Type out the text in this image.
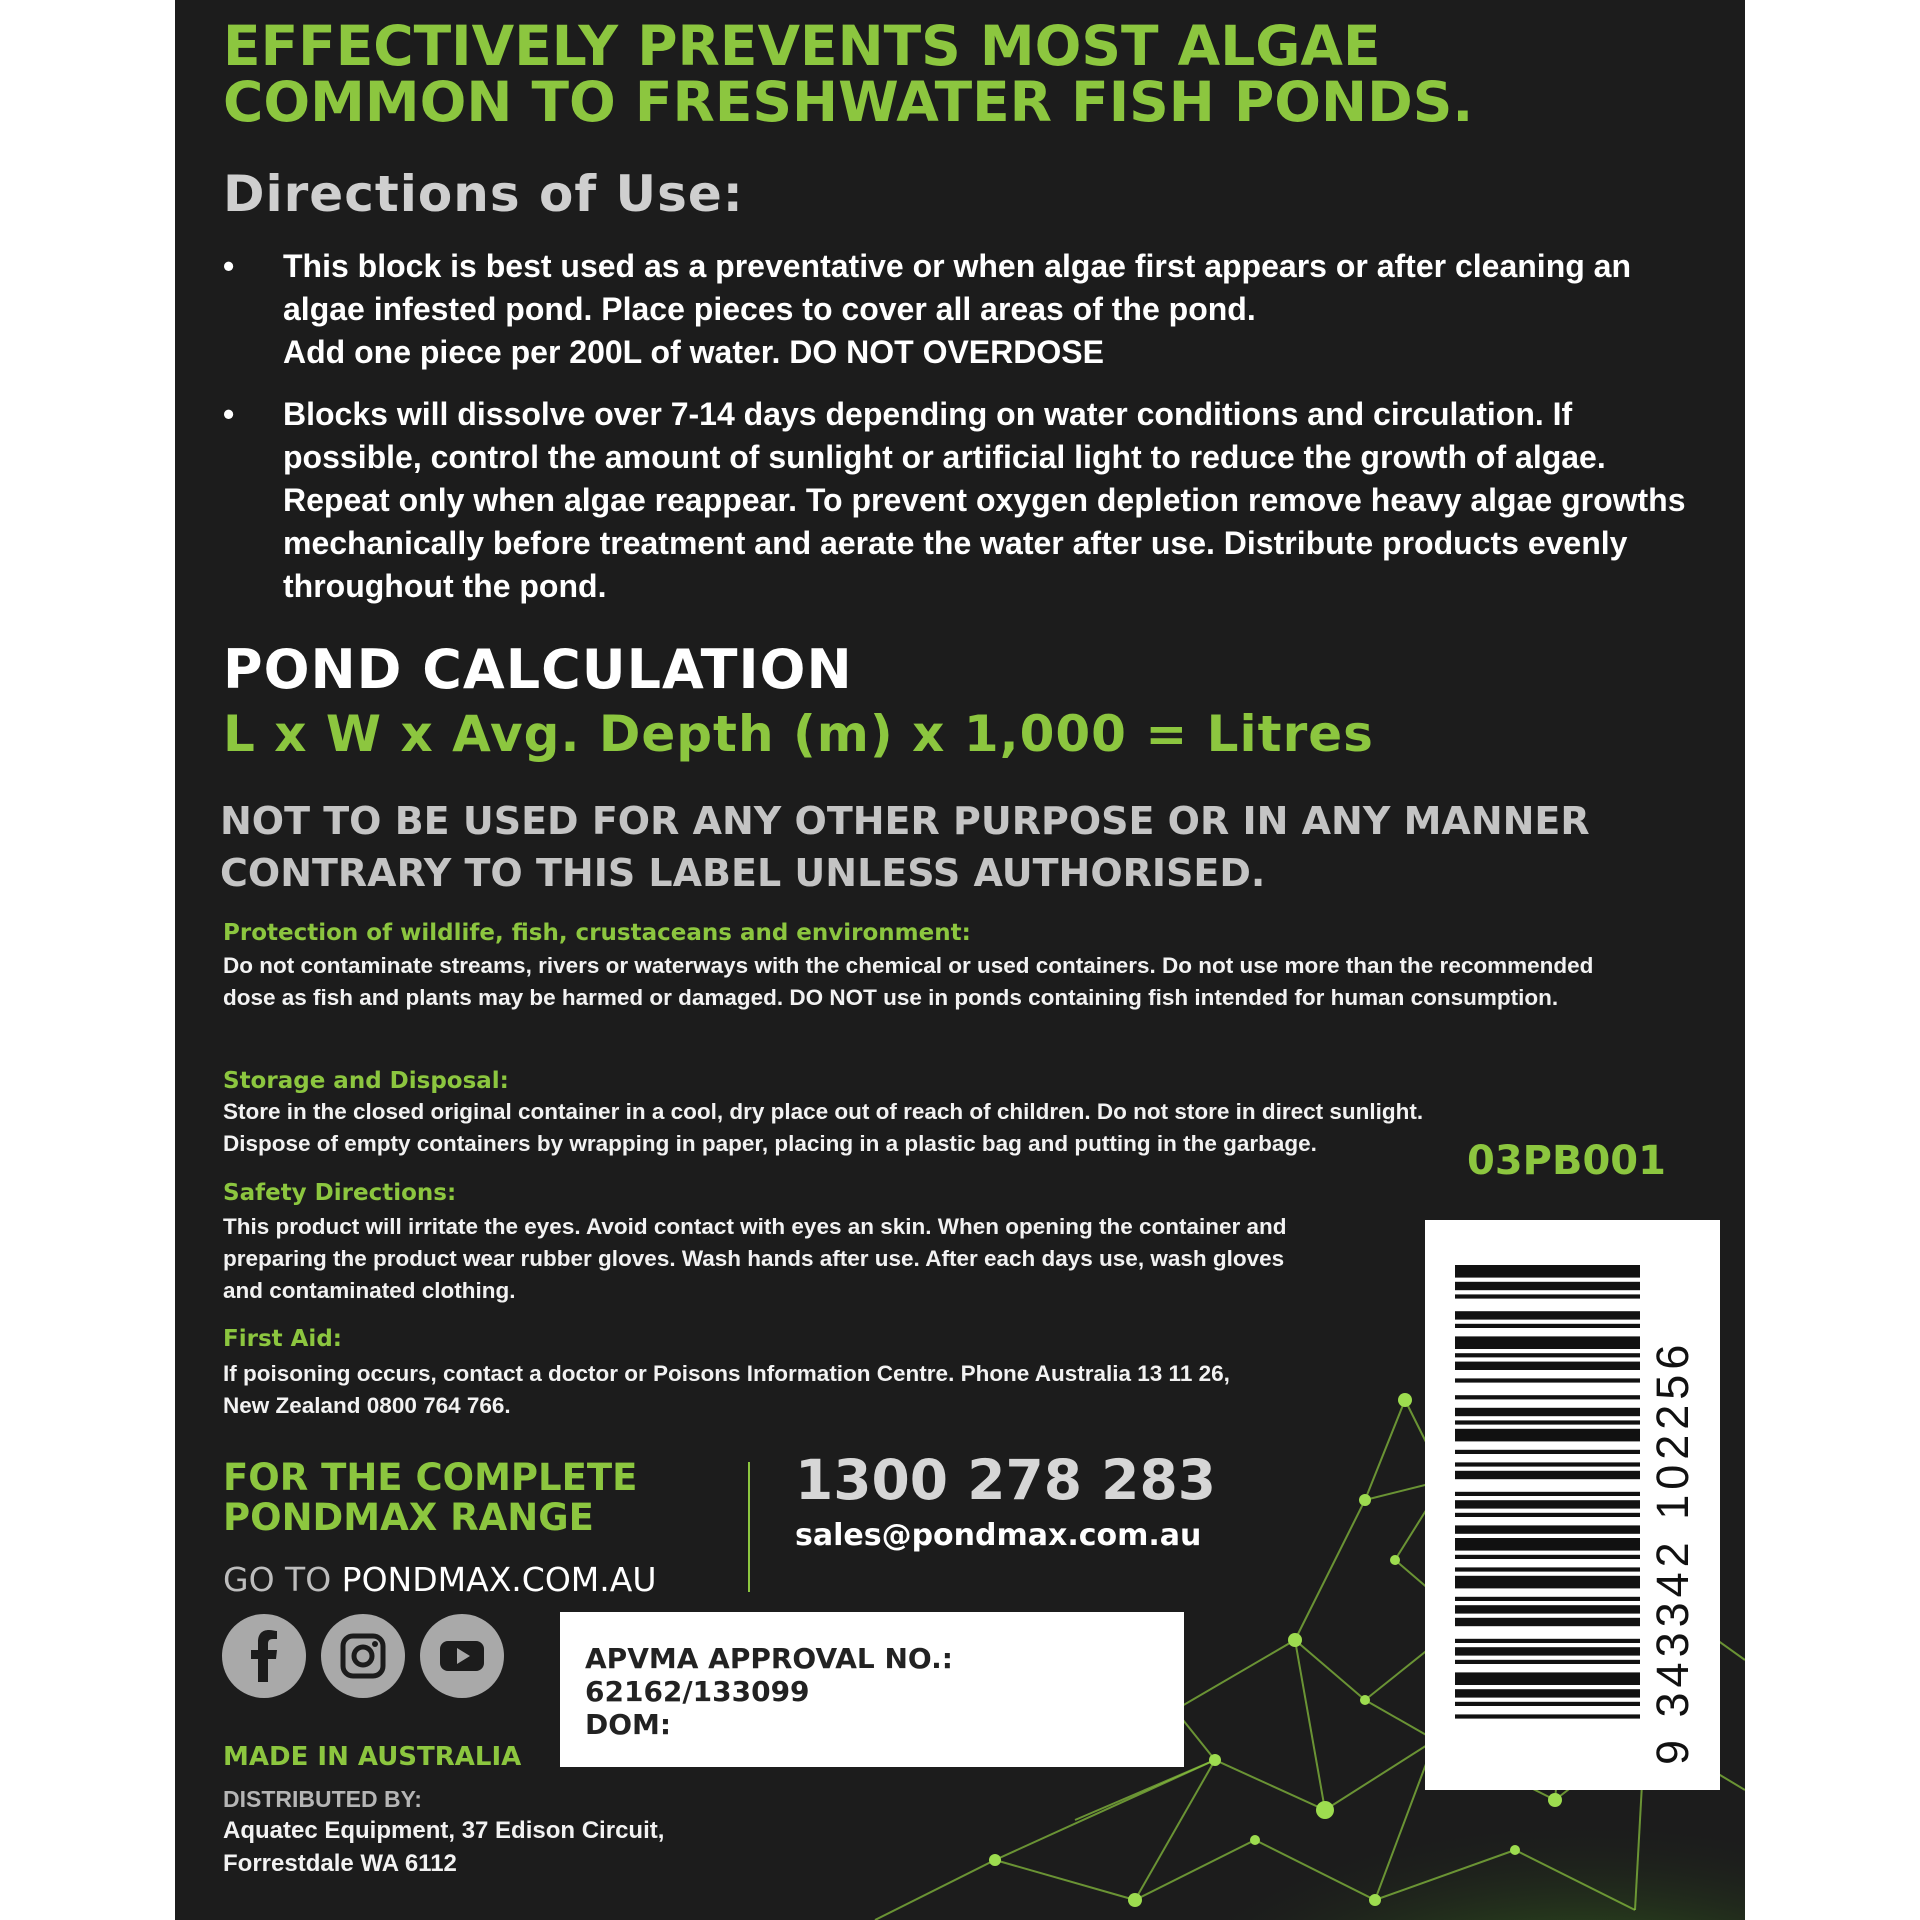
EFFECTIVELY PREVENTS MOST ALGAE
COMMON TO FRESHWATER FISH PONDS.
Directions of Use:
•	This block is best used as a preventative or when algae first appears or after cleaning an
algae infested pond. Place pieces to cover all areas of the pond.
Add one piece per 200L of water. DO NOT OVERDOSE
•	Blocks will dissolve over 7-14 days depending on water conditions and circulation. If
possible, control the amount of sunlight or artificial light to reduce the growth of algae.
Repeat only when algae reappear. To prevent oxygen depletion remove heavy algae growths
mechanically before treatment and aerate the water after use. Distribute products evenly
throughout the pond.
POND CALCULATION
L x W x Avg. Depth (m) x 1,000 = Litres
NOT TO BE USED FOR ANY OTHER PURPOSE OR IN ANY MANNER
CONTRARY TO THIS LABEL UNLESS AUTHORISED.
Protection of wildlife, fish, crustaceans and environment:
Do not contaminate streams, rivers or waterways with the chemical or used containers. Do not use more than the recommended
dose as fish and plants may be harmed or damaged. DO NOT use in ponds containing fish intended for human consumption.
Storage and Disposal:
Store in the closed original container in a cool, dry place out of reach of children. Do not store in direct sunlight.
Dispose of empty containers by wrapping in paper, placing in a plastic bag and putting in the garbage.	03PB001
Safety Directions:
This product will irritate the eyes. Avoid contact with eyes an skin. When opening the container and
preparing the product wear rubber gloves. Wash hands after use. After each days use, wash gloves
and contaminated clothing.
First Aid:
If poisoning occurs, contact a doctor or Poisons Information Centre. Phone Australia 13 11 26,
New Zealand 0800 764 766.
FOR THE COMPLETE
PONDMAX RANGE
GO TO PONDMAX.COM.AU
1300 278 283
sales@pondmax.com.au
APVMA APPROVAL NO.: 62162/133099
DOM:
MADE IN AUSTRALIA
DISTRIBUTED BY:
Aquatec Equipment, 37 Edison Circuit,
Forrestdale WA 6112
9 343342 102256
